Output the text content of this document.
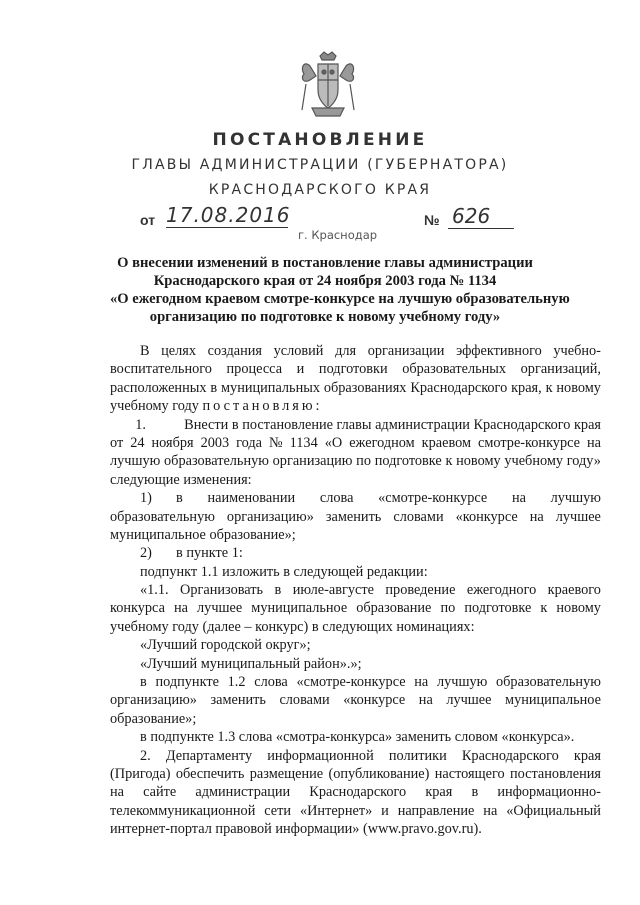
ПОСТАНОВЛЕНИЕ
ГЛАВЫ АДМИНИСТРАЦИИ (ГУБЕРНАТОРА)
КРАСНОДАРСКОГО КРАЯ
от 17.08.2016	№ 626
г. Краснодар
О внесении изменений в постановление главы администрации
Краснодарского края от 24 ноября 2003 года № 1134
«О ежегодном краевом смотре-конкурсе на лучшую образовательную
организацию по подготовке к новому учебному году»
В целях создания условий для организации эффективного учебно-
воспитательного процесса и подготовки образовательных организаций,
расположенных в муниципальных образованиях Краснодарского края, к новому
учебному году постановляю:
1.	Внести в постановление главы администрации Краснодарского края
от 24 ноября 2003 года № 1134 «О ежегодном краевом смотре-конкурсе на
лучшую образовательную организацию по подготовке к новому учебному году»
следующие изменения:
1)	в наименовании слова «смотре-конкурсе на лучшую
образовательную организацию» заменить словами «конкурсе на лучшее
муниципальное образование»;
2)	в пункте 1:
подпункт 1.1 изложить в следующей редакции:
«1.1. Организовать в июле-августе проведение ежегодного краевого
конкурса на лучшее муниципальное образование по подготовке к новому
учебному году (далее – конкурс) в следующих номинациях:
«Лучший городской округ»;
«Лучший муниципальный район».»;
в подпункте 1.2 слова «смотре-конкурсе на лучшую образовательную
организацию» заменить словами «конкурсе на лучшее муниципальное
образование»;
в подпункте 1.3 слова «смотра-конкурса» заменить словом «конкурса».
2. Департаменту информационной политики Краснодарского края
(Пригода) обеспечить размещение (опубликование) настоящего постановления
на сайте администрации Краснодарского края в информационно-
телекоммуникационной сети «Интернет» и направление на «Официальный
интернет-портал правовой информации» (www.pravo.gov.ru).
